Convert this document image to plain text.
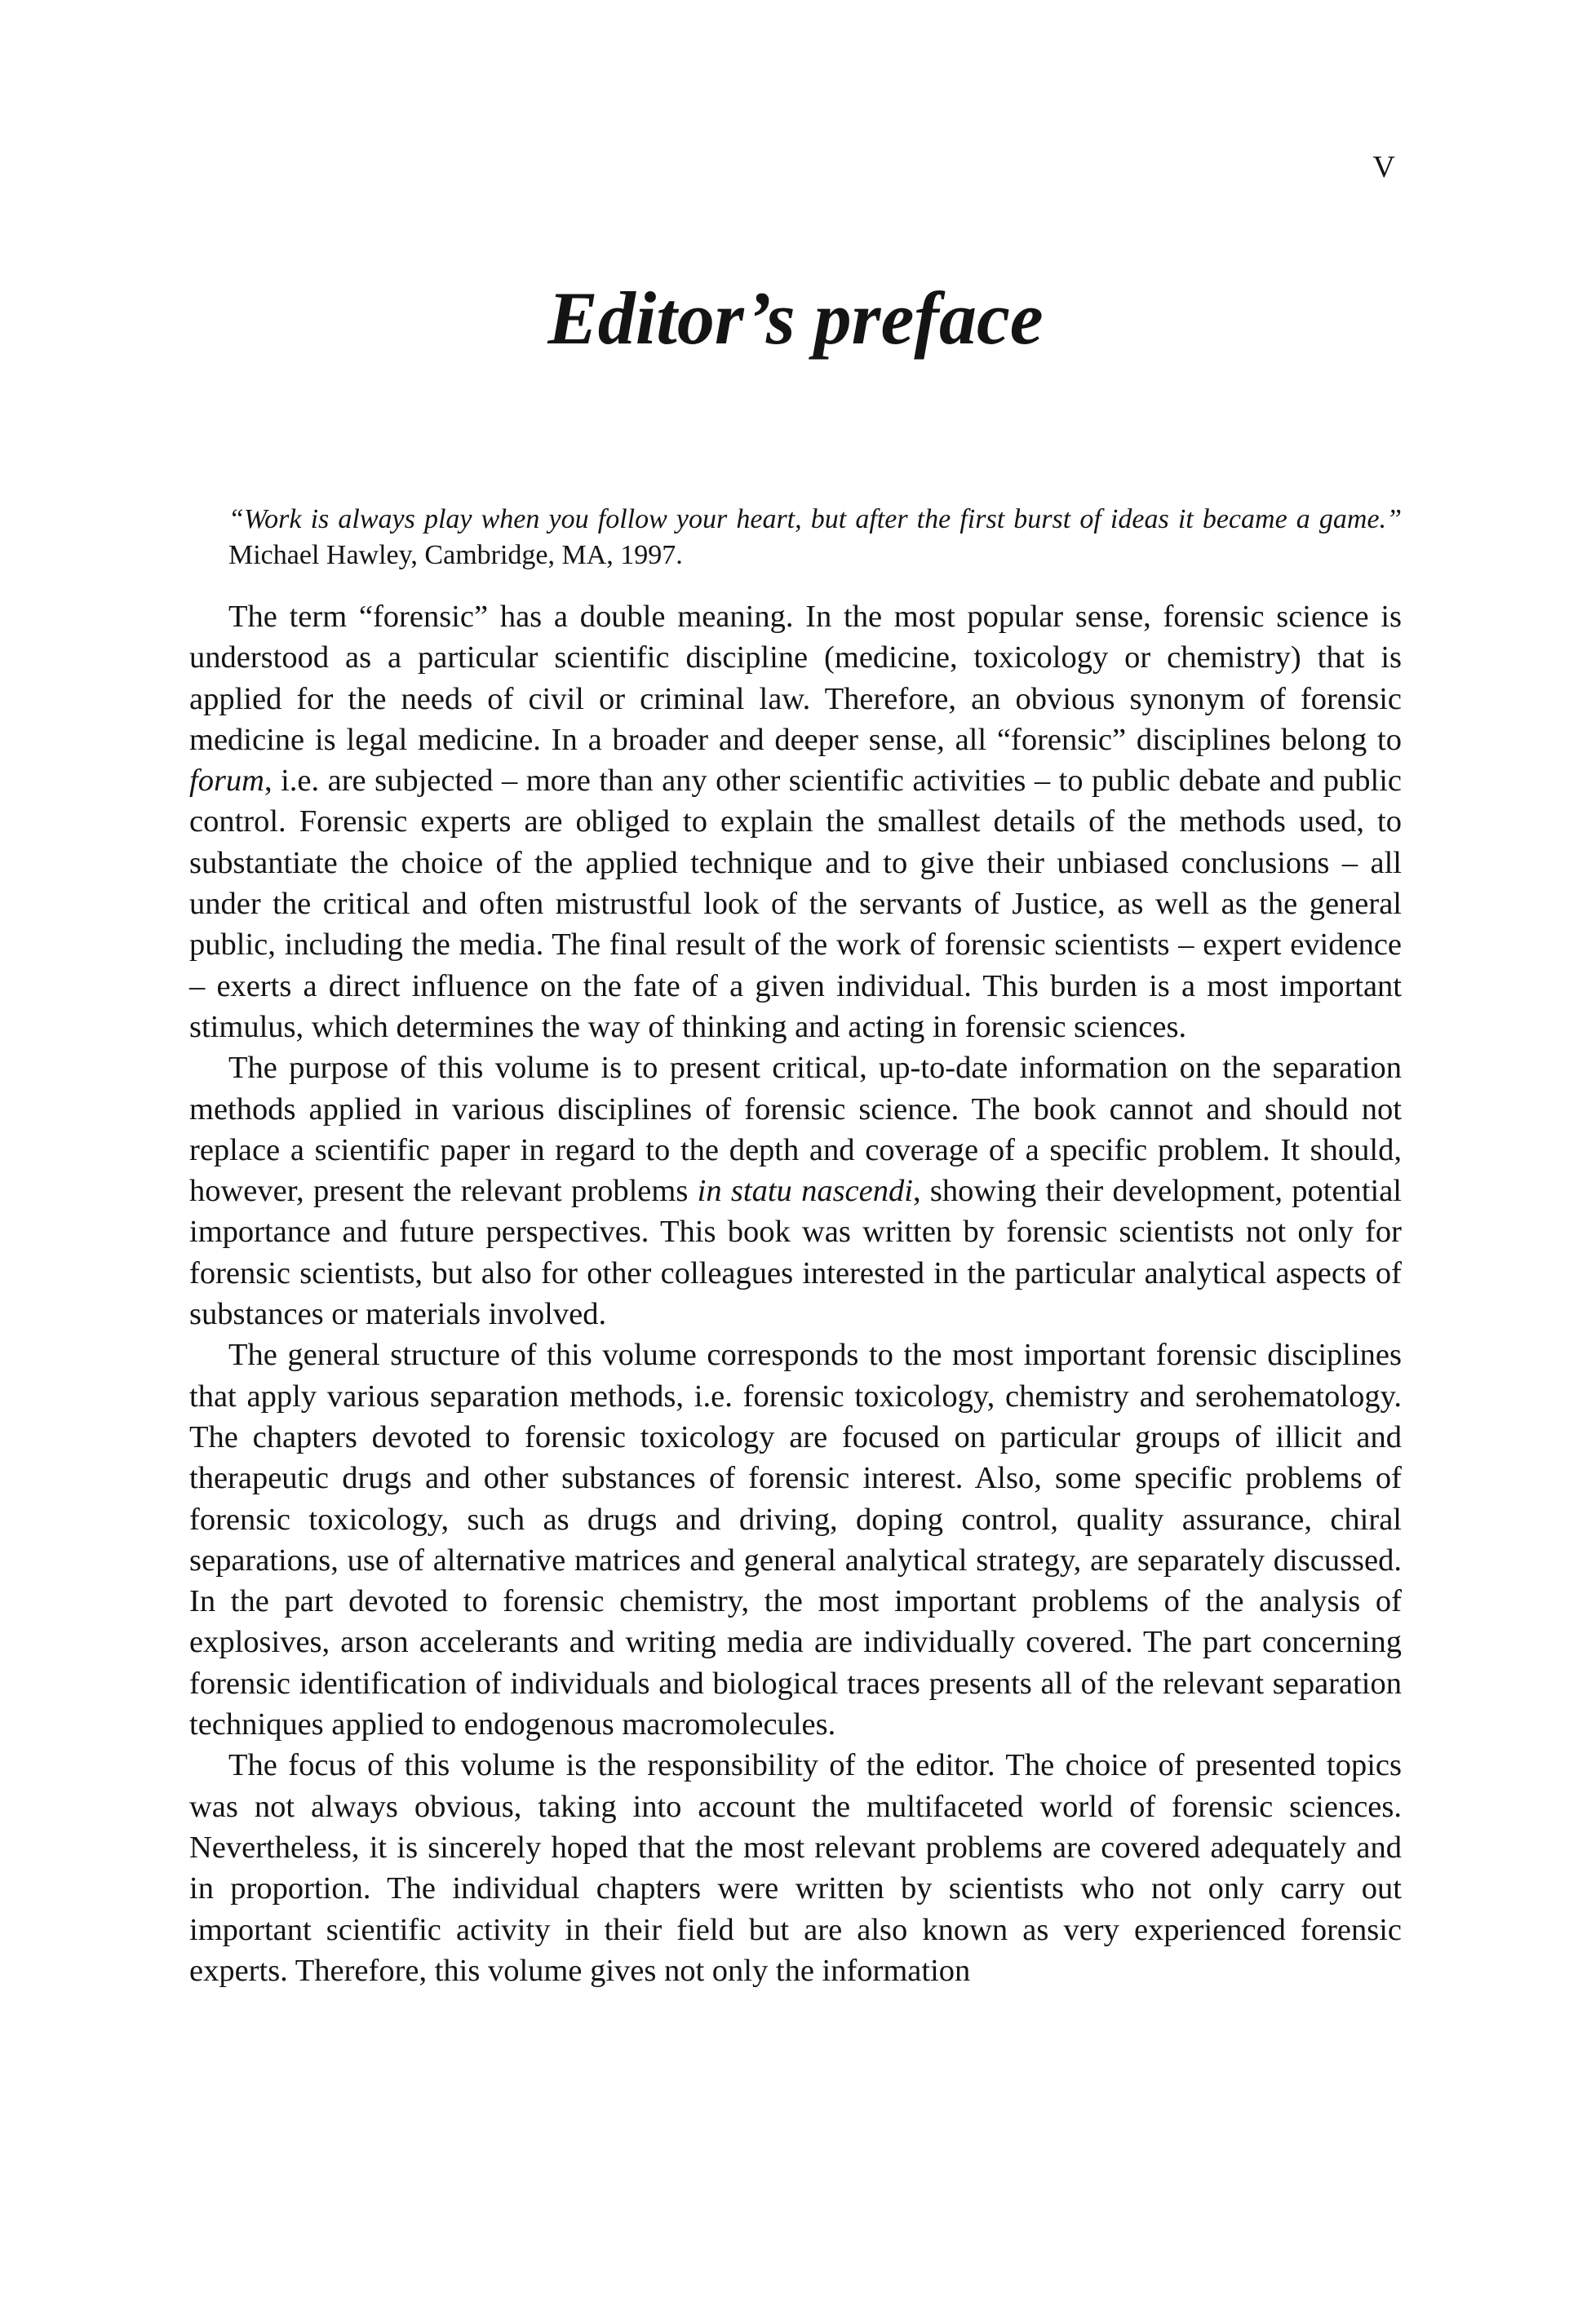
V
Editor’s preface

“Work is always play when you follow your heart, but after the first burst of ideas it became a game.” Michael Hawley, Cambridge, MA, 1997.

The term “forensic” has a double meaning. In the most popular sense, forensic science is understood as a particular scientific discipline (medicine, toxicology or chemistry) that is applied for the needs of civil or criminal law. Therefore, an obvious synonym of forensic medicine is legal medicine. In a broader and deeper sense, all “forensic” disciplines belong to forum, i.e. are subjected – more than any other scientific activities – to public debate and public control. Forensic experts are obliged to explain the smallest details of the methods used, to substantiate the choice of the applied technique and to give their unbiased conclusions – all under the critical and often mistrustful look of the servants of Justice, as well as the general public, including the media. The final result of the work of forensic scientists – expert evidence – exerts a direct influence on the fate of a given individual. This burden is a most important stimulus, which determines the way of thinking and acting in forensic sciences.

The purpose of this volume is to present critical, up-to-date information on the separation methods applied in various disciplines of forensic science. The book cannot and should not replace a scientific paper in regard to the depth and coverage of a specific problem. It should, however, present the relevant problems in statu nascendi, showing their development, potential importance and future perspectives. This book was written by forensic scientists not only for forensic scientists, but also for other colleagues interested in the particular analytical aspects of substances or materials involved.

The general structure of this volume corresponds to the most important forensic disciplines that apply various separation methods, i.e. forensic toxicology, chemistry and serohematology. The chapters devoted to forensic toxicology are focused on particular groups of illicit and therapeutic drugs and other substances of forensic interest. Also, some specific problems of forensic toxicology, such as drugs and driving, doping control, quality assurance, chiral separations, use of alternative matrices and general analytical strategy, are separately discussed. In the part devoted to forensic chemistry, the most important problems of the analysis of explosives, arson accelerants and writing media are individually covered. The part concerning forensic identification of individuals and biological traces presents all of the relevant separation techniques applied to endogenous macromolecules.

The focus of this volume is the responsibility of the editor. The choice of presented topics was not always obvious, taking into account the multifaceted world of forensic sciences. Nevertheless, it is sincerely hoped that the most relevant problems are covered adequately and in proportion. The individual chapters were written by scientists who not only carry out important scientific activity in their field but are also known as very experienced forensic experts. Therefore, this volume gives not only the information
